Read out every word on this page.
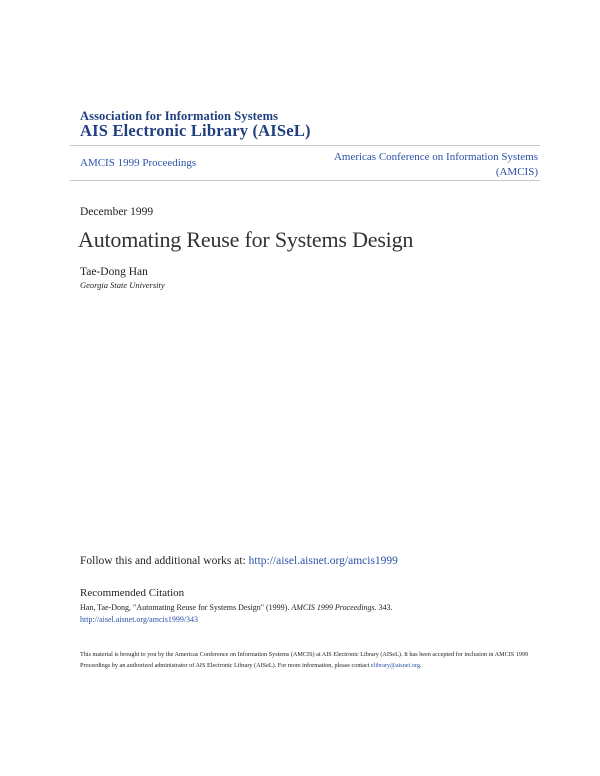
Association for Information Systems
AIS Electronic Library (AISeL)
AMCIS 1999 Proceedings	Americas Conference on Information Systems
(AMCIS)
December 1999
Automating Reuse for Systems Design
Tae-Dong Han
Georgia State University
Follow this and additional works at: http://aisel.aisnet.org/amcis1999
Recommended Citation
Han, Tae-Dong, "Automating Reuse for Systems Design" (1999). AMCIS 1999 Proceedings. 343.
http://aisel.aisnet.org/amcis1999/343
This material is brought to you by the Americas Conference on Information Systems (AMCIS) at AIS Electronic Library (AISeL). It has been accepted for inclusion in AMCIS 1999 Proceedings by an authorized administrator of AIS Electronic Library (AISeL). For more information, please contact elibrary@aisnet.org.
